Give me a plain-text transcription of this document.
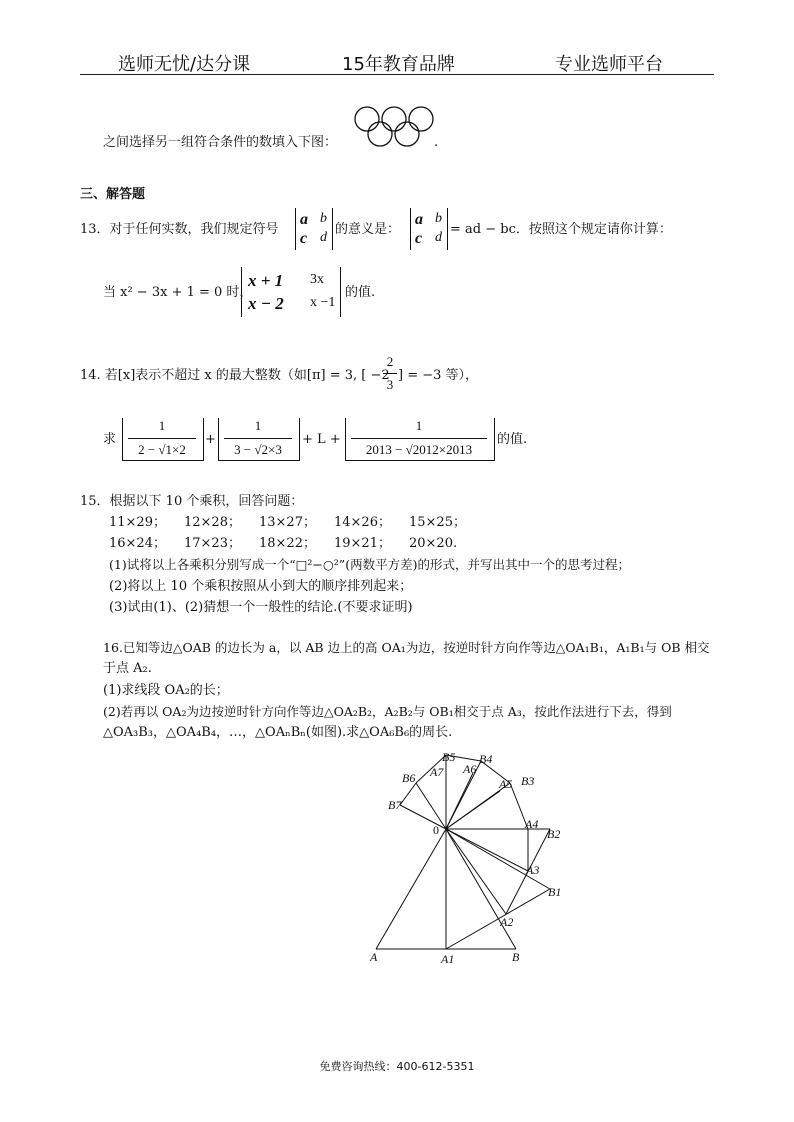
选师无忧/达分课	15年教育品牌	专业选师平台
之间选择另一组符合条件的数填入下图：	.
三、解答题
13．对于任何实数，我们规定符号
a b
c d
的意义是：
a b
c d
= ad − bc．按照这个规定请你计算：
当 x² − 3x + 1 = 0 时，
x + 1 3x
x − 2 x −1
的值.
14. 若[x]表示不超过 x 的最大整数（如[π] = 3, [ −2
2
3
] = −3 等），
求
1
2 − √1×2
+
1
3 − √2×3
+ L +
1
2013 − √2012×2013
的值.
15．根据以下 10 个乘积，回答问题：
11×29； 12×28； 13×27； 14×26； 15×25；
16×24； 17×23； 18×22； 19×21； 20×20.
(1)试将以上各乘积分别写成一个“□²−○²”(两数平方差)的形式，并写出其中一个的思考过程；
(2)将以上 10 个乘积按照从小到大的顺序排列起来；
(3)试由(1)、(2)猜想一个一般性的结论.(不要求证明)
16.已知等边△OAB 的边长为 a，以 AB 边上的高 OA₁为边，按逆时针方向作等边△OA₁B₁，A₁B₁与 OB 相交
于点 A₂.
(1)求线段 OA₂的长；
(2)若再以 OA₂为边按逆时针方向作等边△OA₂B₂，A₂B₂与 OB₁相交于点 A₃，按此作法进行下去，得到
△OA₃B₃，△OA₄B₄，…，△OAₙBₙ(如图).求△OA₆B₆的周长.
0
A	A1	B
A2
B1
A3
B2
A4
B3
A5
B4
A6
B5
A7
B6
B7
免费咨询热线：400-612-5351
